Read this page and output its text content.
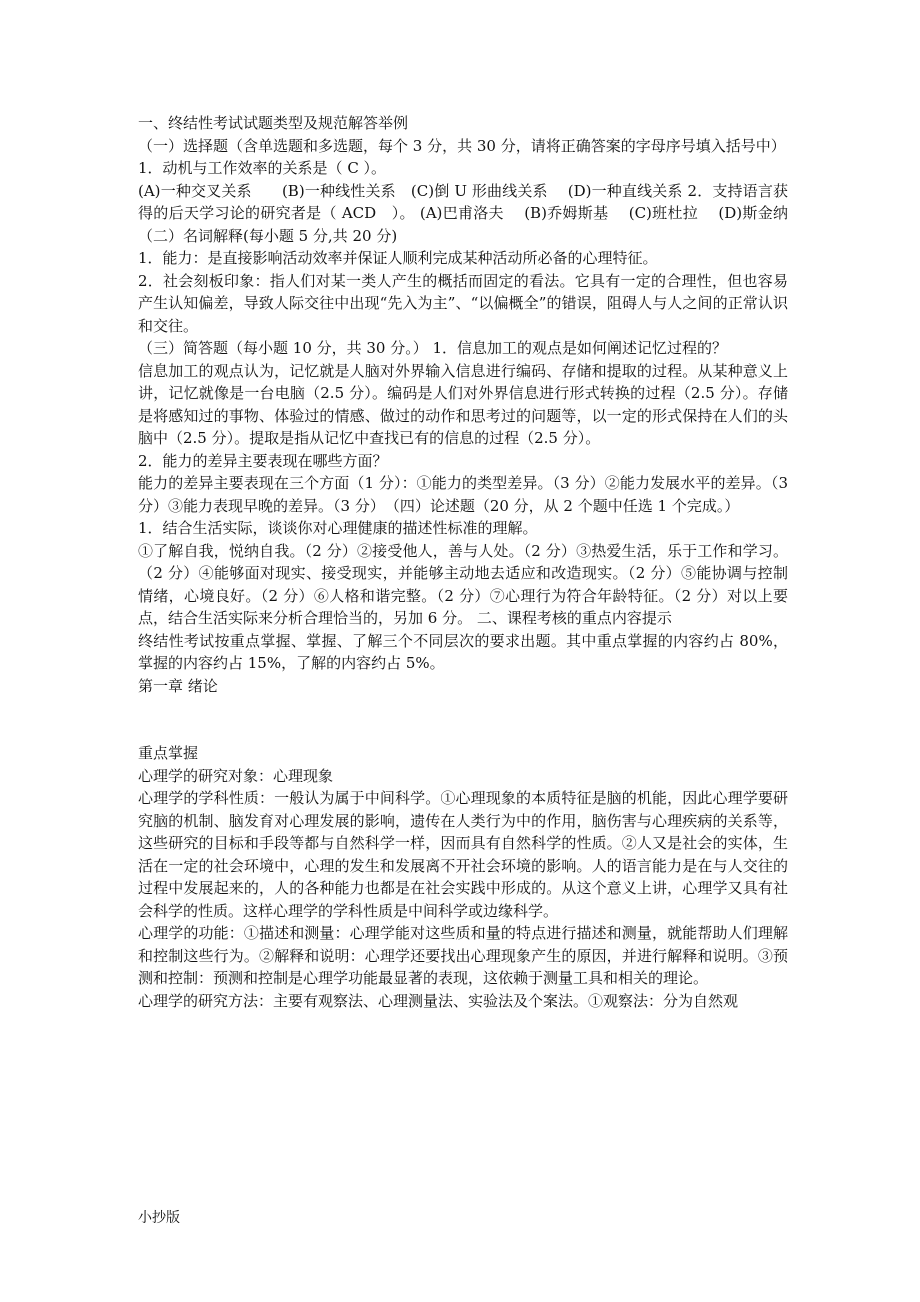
一、终结性考试试题类型及规范解答举例

（一）选择题（含单选题和多选题，每个 3 分，共 30 分，请将正确答案的字母序号填入括号中）

1．动机与工作效率的关系是（ C ）。

(A)一种交叉关系　　(B)一种线性关系　(C)倒 U 形曲线关系　 (D)一种直线关系 2．支持语言获得的后天学习论的研究者是（ ACD　）。 (A)巴甫洛夫　 (B)乔姆斯基　 (C)班杜拉　 (D)斯金纳 （二）名词解释(每小题 5 分,共 20 分)

1．能力：是直接影响活动效率并保证人顺利完成某种活动所必备的心理特征。

2．社会刻板印象：指人们对某一类人产生的概括而固定的看法。它具有一定的合理性，但也容易产生认知偏差，导致人际交往中出现“先入为主”、“以偏概全”的错误，阻碍人与人之间的正常认识和交往。

（三）简答题（每小题 10 分，共 30 分。） 1．信息加工的观点是如何阐述记忆过程的？

信息加工的观点认为，记忆就是人脑对外界输入信息进行编码、存储和提取的过程。从某种意义上讲，记忆就像是一台电脑（2.5 分）。编码是人们对外界信息进行形式转换的过程（2.5 分）。存储是将感知过的事物、体验过的情感、做过的动作和思考过的问题等，以一定的形式保持在人们的头脑中（2.5 分）。提取是指从记忆中查找已有的信息的过程（2.5 分）。

2．能力的差异主要表现在哪些方面？

能力的差异主要表现在三个方面（1 分）：①能力的类型差异。（3 分）②能力发展水平的差异。（3 分）③能力表现早晚的差异。（3 分）　（四）论述题（20 分，从 2 个题中任选 1 个完成。）

1．结合生活实际，谈谈你对心理健康的描述性标准的理解。

①了解自我，悦纳自我。（2 分）②接受他人，善与人处。（2 分）③热爱生活，乐于工作和学习。（2 分）④能够面对现实、接受现实，并能够主动地去适应和改造现实。（2 分）⑤能协调与控制情绪，心境良好。（2 分）⑥人格和谐完整。（2 分）⑦心理行为符合年龄特征。（2 分）对以上要点，结合生活实际来分析合理恰当的，另加 6 分。 二、课程考核的重点内容提示

终结性考试按重点掌握、掌握、了解三个不同层次的要求出题。其中重点掌握的内容约占 80%，掌握的内容约占 15%，了解的内容约占 5%。

第一章 绪论

重点掌握

心理学的研究对象：心理现象

心理学的学科性质：一般认为属于中间科学。①心理现象的本质特征是脑的机能，因此心理学要研究脑的机制、脑发育对心理发展的影响，遗传在人类行为中的作用，脑伤害与心理疾病的关系等，这些研究的目标和手段等都与自然科学一样，因而具有自然科学的性质。②人又是社会的实体，生活在一定的社会环境中，心理的发生和发展离不开社会环境的影响。人的语言能力是在与人交往的过程中发展起来的，人的各种能力也都是在社会实践中形成的。从这个意义上讲，心理学又具有社会科学的性质。这样心理学的学科性质是中间科学或边缘科学。

心理学的功能：①描述和测量：心理学能对这些质和量的特点进行描述和测量，就能帮助人们理解和控制这些行为。②解释和说明：心理学还要找出心理现象产生的原因，并进行解释和说明。③预测和控制：预测和控制是心理学功能最显著的表现，这依赖于测量工具和相关的理论。

心理学的研究方法：主要有观察法、心理测量法、实验法及个案法。①观察法：分为自然观

小抄版
